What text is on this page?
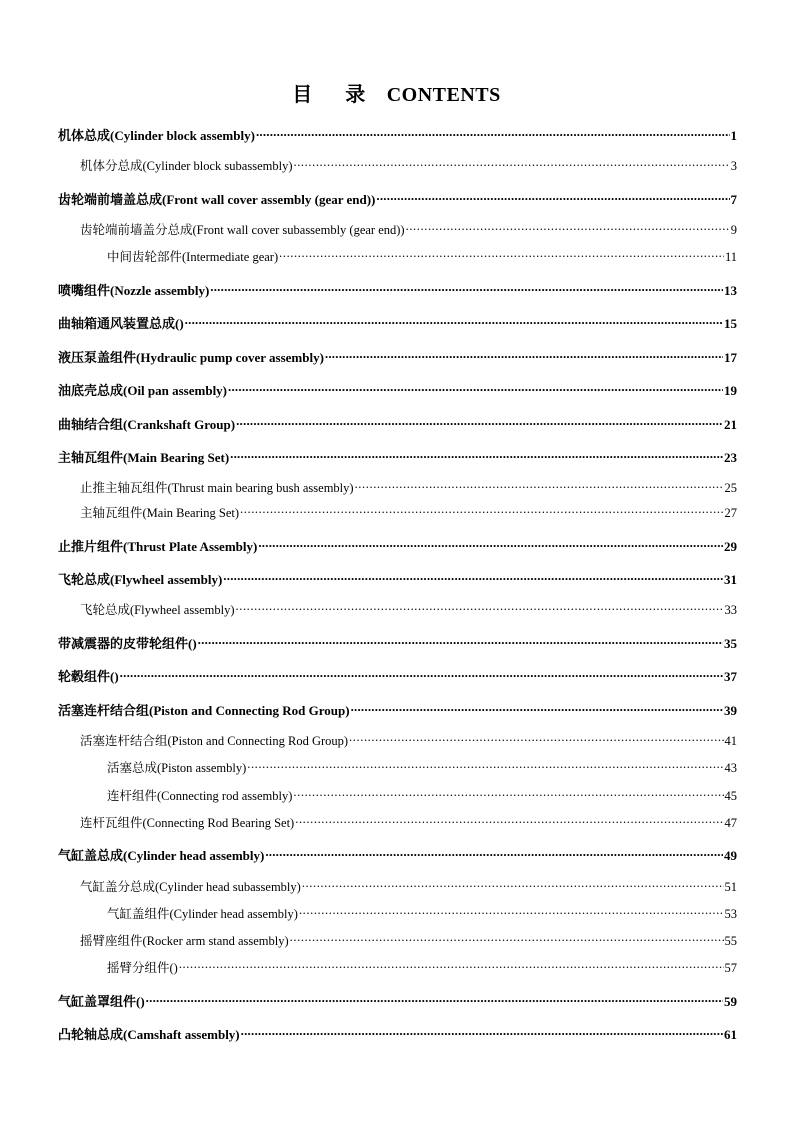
目 录 CONTENTS
机体总成(Cylinder block assembly) .....	1
机体分总成(Cylinder block subassembly) .....	3
齿轮端前墙盖总成(Front wall cover assembly (gear end)) .....	7
齿轮端前墙盖分总成(Front wall cover subassembly (gear end)) .....	9
中间齿轮部件(Intermediate gear) .....	11
喷嘴组件(Nozzle assembly) .....	13
曲轴箱通风装置总成() .....	15
液压泵盖组件(Hydraulic pump cover assembly) .....	17
油底壳总成(Oil pan assembly) .....	19
曲轴结合组(Crankshaft Group) .....	21
主轴瓦组件(Main Bearing Set) .....	23
止推主轴瓦组件(Thrust main bearing bush assembly) .....	25
主轴瓦组件(Main Bearing Set) .....	27
止推片组件(Thrust Plate Assembly) .....	29
飞轮总成(Flywheel assembly) .....	31
飞轮总成(Flywheel assembly) .....	33
带减震器的皮带轮组件() .....	35
轮毂组件() .....	37
活塞连杆结合组(Piston and Connecting Rod Group) .....	39
活塞连杆结合组(Piston and Connecting Rod Group) .....	41
活塞总成(Piston assembly) .....	43
连杆组件(Connecting rod assembly) .....	45
连杆瓦组件(Connecting Rod Bearing Set) .....	47
气缸盖总成(Cylinder head assembly) .....	49
气缸盖分总成(Cylinder head subassembly) .....	51
气缸盖组件(Cylinder head assembly) .....	53
摇臂座组件(Rocker arm stand assembly) .....	55
摇臂分组件() .....	57
气缸盖罩组件() .....	59
凸轮轴总成(Camshaft assembly) .....	61
